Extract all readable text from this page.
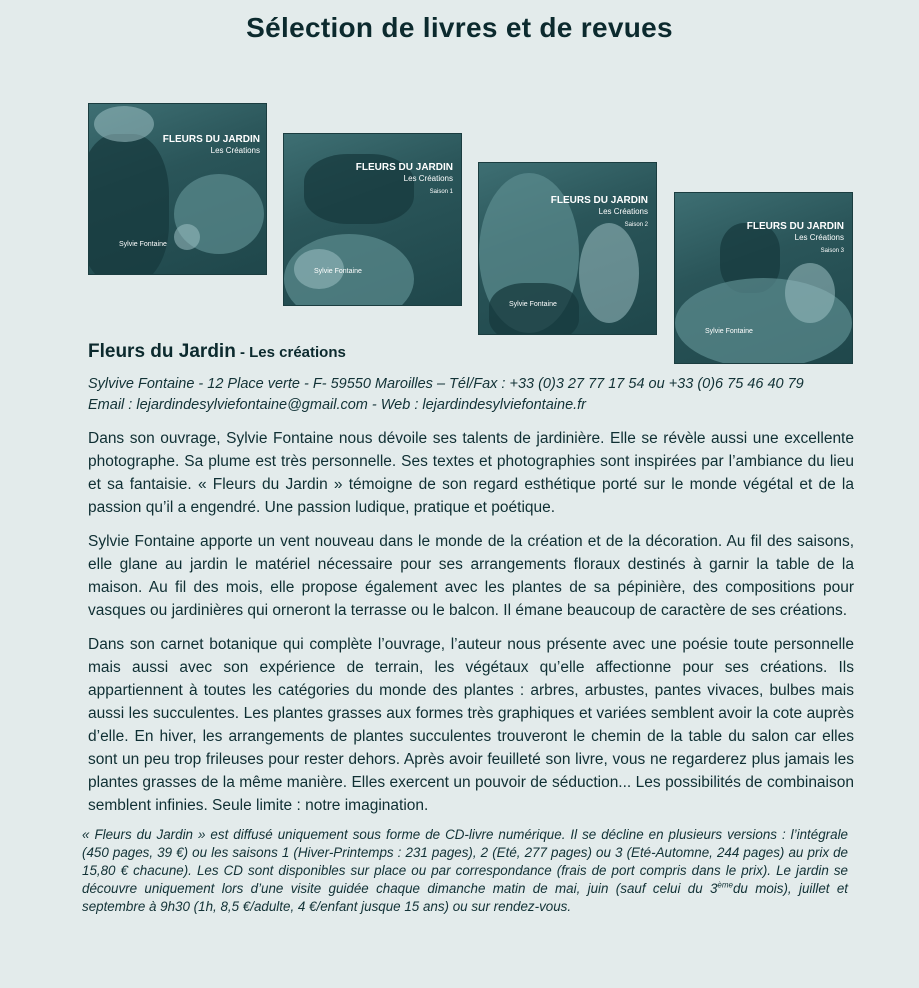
Sélection de livres et de revues
FLEURS DU JARDIN
Les Créations
Sylvie Fontaine
FLEURS DU JARDIN
Les Créations
Saison 1
Sylvie Fontaine
FLEURS DU JARDIN
Les Créations
Saison 2
Sylvie Fontaine
FLEURS DU JARDIN
Les Créations
Saison 3
Sylvie Fontaine
Fleurs du Jardin - Les créations
Sylvive Fontaine - 12 Place verte - F- 59550 Maroilles – Tél/Fax : +33 (0)3 27 77 17 54 ou +33 (0)6 75 46 40 79
Email : lejardindesylviefontaine@gmail.com - Web : lejardindesylviefontaine.fr
Dans son ouvrage, Sylvie Fontaine nous dévoile ses talents de jardinière. Elle se révèle aussi une excellente photographe. Sa plume est très personnelle. Ses textes et photographies sont inspirées par l’ambiance du lieu et sa fantaisie. « Fleurs du Jardin » témoigne de son regard esthétique porté sur le monde végétal et de la passion qu’il a engendré. Une passion ludique, pratique et poétique.
Sylvie Fontaine apporte un vent nouveau dans le monde de la création et de la décoration. Au fil des saisons, elle glane au jardin le matériel nécessaire pour ses arrangements floraux destinés à garnir la table de la maison. Au fil des mois, elle propose également avec les plantes de sa pépinière, des compositions pour vasques ou jardinières qui orneront la terrasse ou le balcon. Il émane beaucoup de caractère de ses créations.
Dans son carnet botanique qui complète l’ouvrage, l’auteur nous présente avec une poésie toute personnelle mais aussi avec son expérience de terrain, les végétaux qu’elle affectionne pour ses créations. Ils appartiennent à toutes les catégories du monde des plantes : arbres, arbustes, pantes vivaces, bulbes mais aussi les succulentes. Les plantes grasses aux formes très graphiques et variées semblent avoir la cote auprès d’elle. En hiver, les arrangements de plantes succulentes trouveront le chemin de la table du salon car elles sont un peu trop frileuses pour rester dehors. Après avoir feuilleté son livre, vous ne regarderez plus jamais les plantes grasses de la même manière. Elles exercent un pouvoir de séduction... Les possibilités de combinaison semblent infinies. Seule limite : notre imagination.
« Fleurs du Jardin » est diffusé uniquement sous forme de CD-livre numérique. Il se décline en plusieurs versions : l’intégrale (450 pages, 39 €) ou les saisons 1 (Hiver-Printemps : 231 pages), 2 (Eté, 277 pages) ou 3 (Eté-Automne, 244 pages) au prix de 15,80 € chacune). Les CD sont disponibles sur place ou par correspondance (frais de port compris dans le prix). Le jardin se découvre uniquement lors d’une visite guidée chaque dimanche matin de mai, juin (sauf celui du 3èmedu mois), juillet et septembre à 9h30 (1h, 8,5 €/adulte, 4 €/enfant jusque 15 ans) ou sur rendez-vous.
